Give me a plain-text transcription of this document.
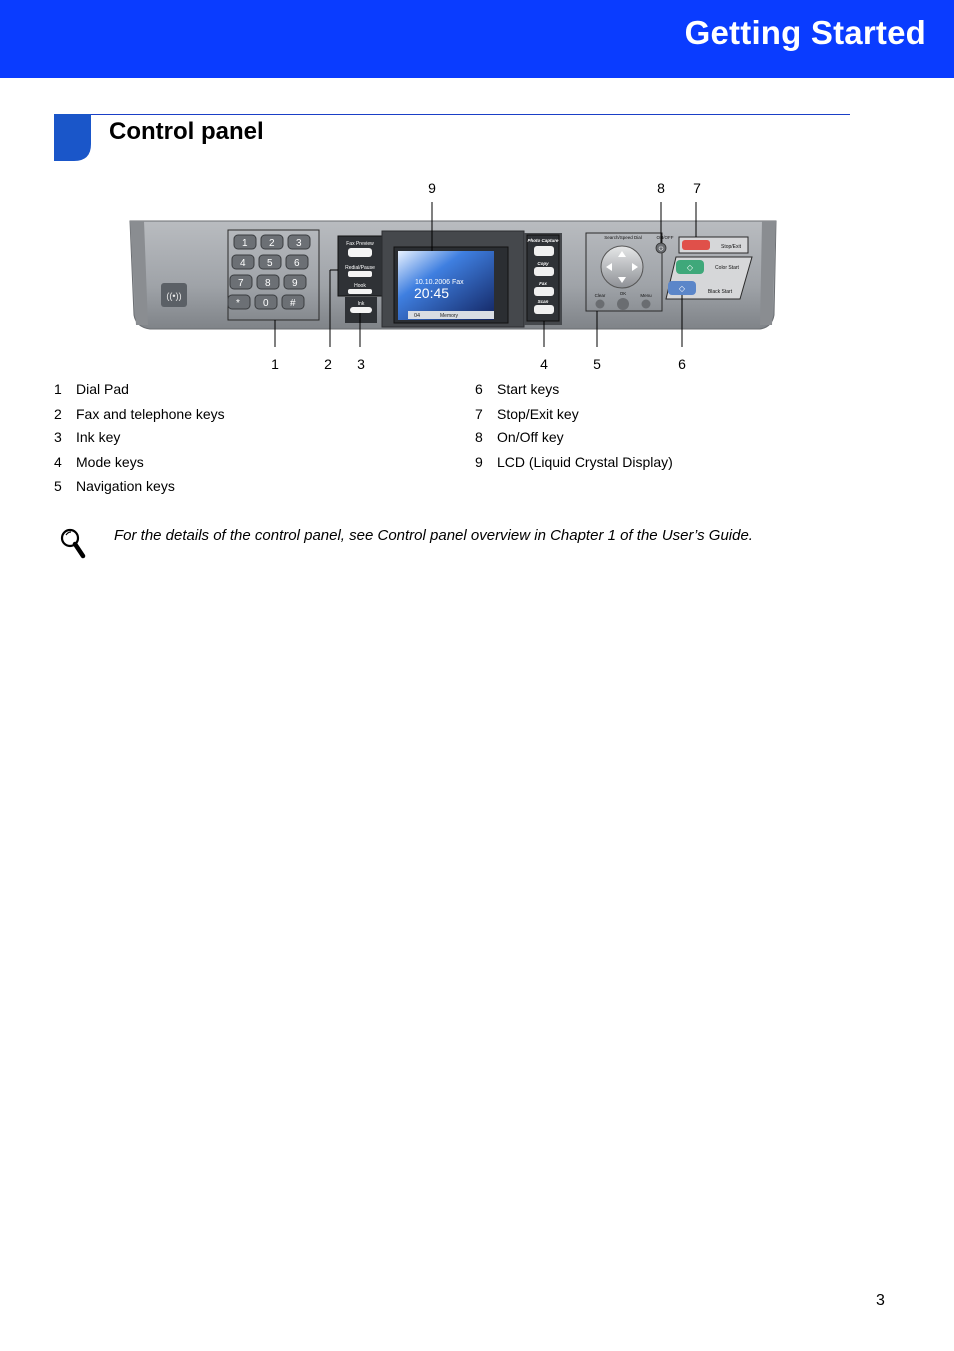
Getting Started
Control panel
((•))
1 2 3
4 5 6
7 8 9
* 0 #
Fax Preview
Redial/Pause
Hook
Ink
10.10.2006 Fax
20:45
04	Memory
Photo Capture
Copy
Fax
Scan
Search/Speed Dial
Clear	OK	Menu
ON/OFF
⏻	Stop/Exit
◇	Color Start
◇	Black Start
9	8 7
1	2 3	4	5	6
1 Dial Pad
2 Fax and telephone keys
3 Ink key
4 Mode keys
5 Navigation keys
6 Start keys
7 Stop/Exit key
8 On/Off key
9 LCD (Liquid Crystal Display)
For the details of the control panel, see Control panel overview in Chapter 1 of the User’s Guide.
3
